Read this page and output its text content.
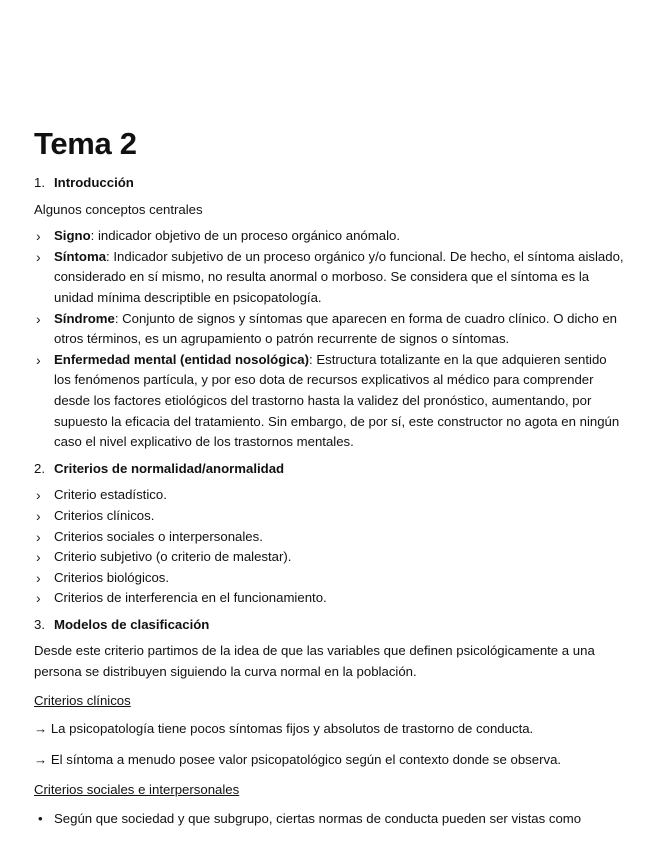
Tema 2
1. Introducción

Algunos conceptos centrales

›	Signo: indicador objetivo de un proceso orgánico anómalo.
›	Síntoma: Indicador subjetivo de un proceso orgánico y/o funcional. De hecho, el síntoma aislado, considerado en sí mismo, no resulta anormal o morboso. Se considera que el síntoma es la unidad mínima descriptible en psicopatología.
›	Síndrome: Conjunto de signos y síntomas que aparecen en forma de cuadro clínico. O dicho en otros términos, es un agrupamiento o patrón recurrente de signos o síntomas.
›	Enfermedad mental (entidad nosológica): Estructura totalizante en la que adquieren sentido los fenómenos partícula, y por eso dota de recursos explicativos al médico para comprender desde los factores etiológicos del trastorno hasta la validez del pronóstico, aumentando, por supuesto la eficacia del tratamiento. Sin embargo, de por sí, este constructor no agota en ningún caso el nivel explicativo de los trastornos mentales.
2. Criterios de normalidad/anormalidad
›	Criterio estadístico.
›	Criterios clínicos.
›	Criterios sociales o interpersonales.
›	Criterio subjetivo (o criterio de malestar).
›	Criterios biológicos.
›	Criterios de interferencia en el funcionamiento.
3. Modelos de clasificación

Desde este criterio partimos de la idea de que las variables que definen psicológicamente a una persona se distribuyen siguiendo la curva normal en la población.

Criterios clínicos

→ La psicopatología tiene pocos síntomas fijos y absolutos de trastorno de conducta.

→ El síntoma a menudo posee valor psicopatológico según el contexto donde se observa.

Criterios sociales e interpersonales

• Según que sociedad y que subgrupo, ciertas normas de conducta pueden ser vistas como
